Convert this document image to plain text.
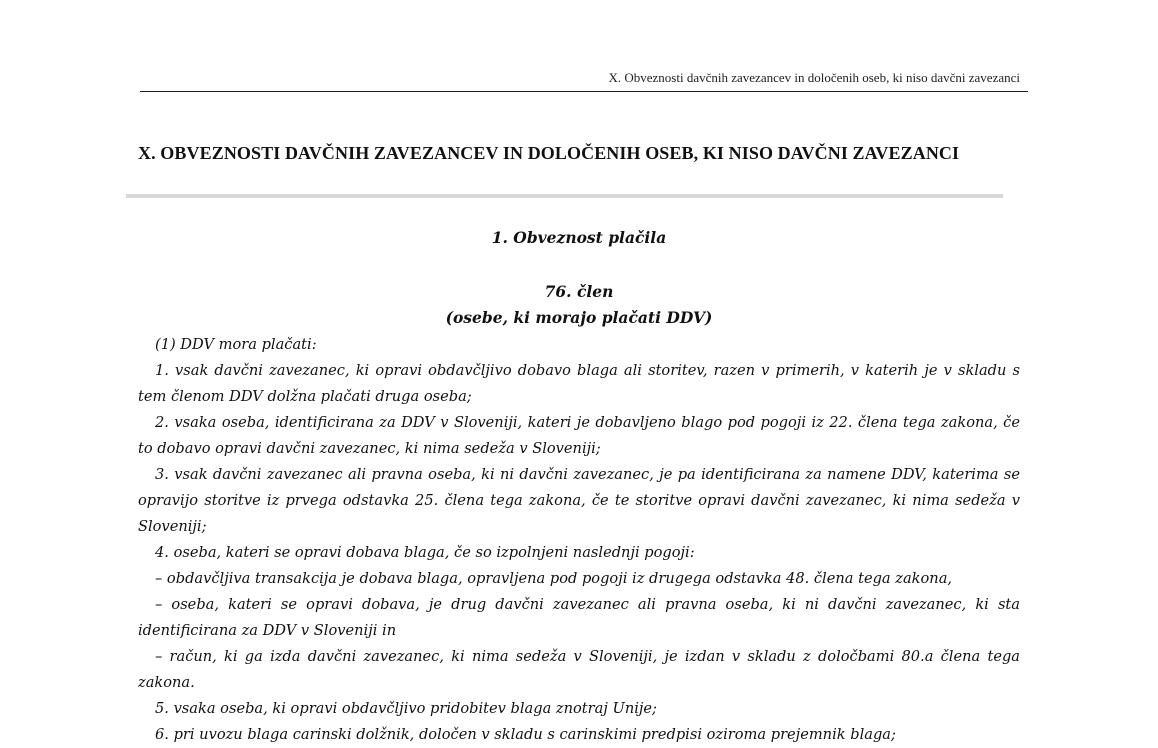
X. Obveznosti davčnih zavezancev in določenih oseb, ki niso davčni zavezanci
X. OBVEZNOSTI DAVČNIH ZAVEZANCEV IN DOLOČENIH OSEB, KI NISO DAVČNI ZAVEZANCI
1. Obveznost plačila
76. člen
(osebe, ki morajo plačati DDV)

(1) DDV mora plačati:

1. vsak davčni zavezanec, ki opravi obdavčljivo dobavo blaga ali storitev, razen v primerih, v katerih je v skladu s tem členom DDV dolžna plačati druga oseba;

2. vsaka oseba, identificirana za DDV v Sloveniji, kateri je dobavljeno blago pod pogoji iz 22. člena tega zakona, če to dobavo opravi davčni zavezanec, ki nima sedeža v Sloveniji;

3. vsak davčni zavezanec ali pravna oseba, ki ni davčni zavezanec, je pa identificirana za namene DDV, katerima se opravijo storitve iz prvega odstavka 25. člena tega zakona, če te storitve opravi davčni zavezanec, ki nima sedeža v Sloveniji;

4. oseba, kateri se opravi dobava blaga, če so izpolnjeni naslednji pogoji:

– obdavčljiva transakcija je dobava blaga, opravljena pod pogoji iz drugega odstavka 48. člena tega zakona,

– oseba, kateri se opravi dobava, je drug davčni zavezanec ali pravna oseba, ki ni davčni zavezanec, ki sta identificirana za DDV v Sloveniji in

– račun, ki ga izda davčni zavezanec, ki nima sedeža v Sloveniji, je izdan v skladu z določbami 80.a člena tega zakona.

5. vsaka oseba, ki opravi obdavčljivo pridobitev blaga znotraj Unije;

6. pri uvozu blaga carinski dolžnik, določen v skladu s carinskimi predpisi oziroma prejemnik blaga;
